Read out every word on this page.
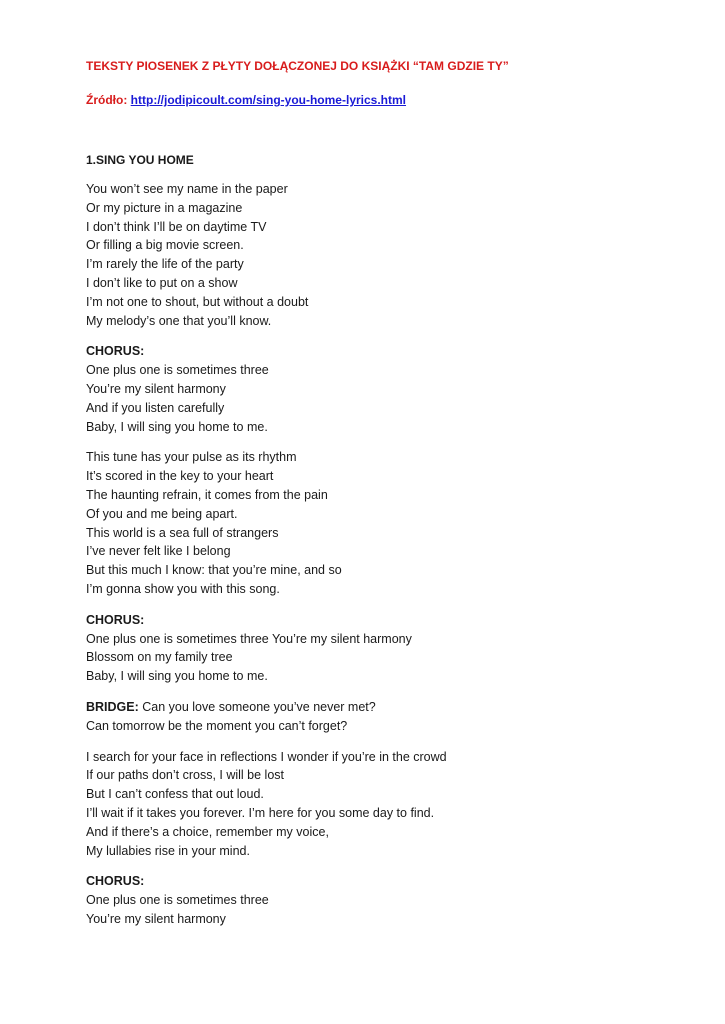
TEKSTY PIOSENEK Z PŁYTY DOŁĄCZONEJ DO KSIĄŻKI “TAM GDZIE TY”
Źródło: http://jodipicoult.com/sing-you-home-lyrics.html
1.SING YOU HOME
You won’t see my name in the paper
Or my picture in a magazine
I don’t think I’ll be on daytime TV
Or filling a big movie screen.
I’m rarely the life of the party
I don’t like to put on a show
I’m not one to shout, but without a doubt
My melody’s one that you’ll know.
CHORUS:
One plus one is sometimes three
You’re my silent harmony
And if you listen carefully
Baby, I will sing you home to me.
This tune has your pulse as its rhythm
It’s scored in the key to your heart
The haunting refrain, it comes from the pain
Of you and me being apart.
This world is a sea full of strangers
I’ve never felt like I belong
But this much I know: that you’re mine, and so
I’m gonna show you with this song.
CHORUS:
One plus one is sometimes three You’re my silent harmony
Blossom on my family tree
Baby, I will sing you home to me.
BRIDGE: Can you love someone you’ve never met?
Can tomorrow be the moment you can’t forget?
I search for your face in reflections I wonder if you’re in the crowd
If our paths don’t cross, I will be lost
But I can’t confess that out loud.
I’ll wait if it takes you forever. I’m here for you some day to find.
And if there’s a choice, remember my voice,
My lullabies rise in your mind.
CHORUS:
One plus one is sometimes three
You’re my silent harmony
